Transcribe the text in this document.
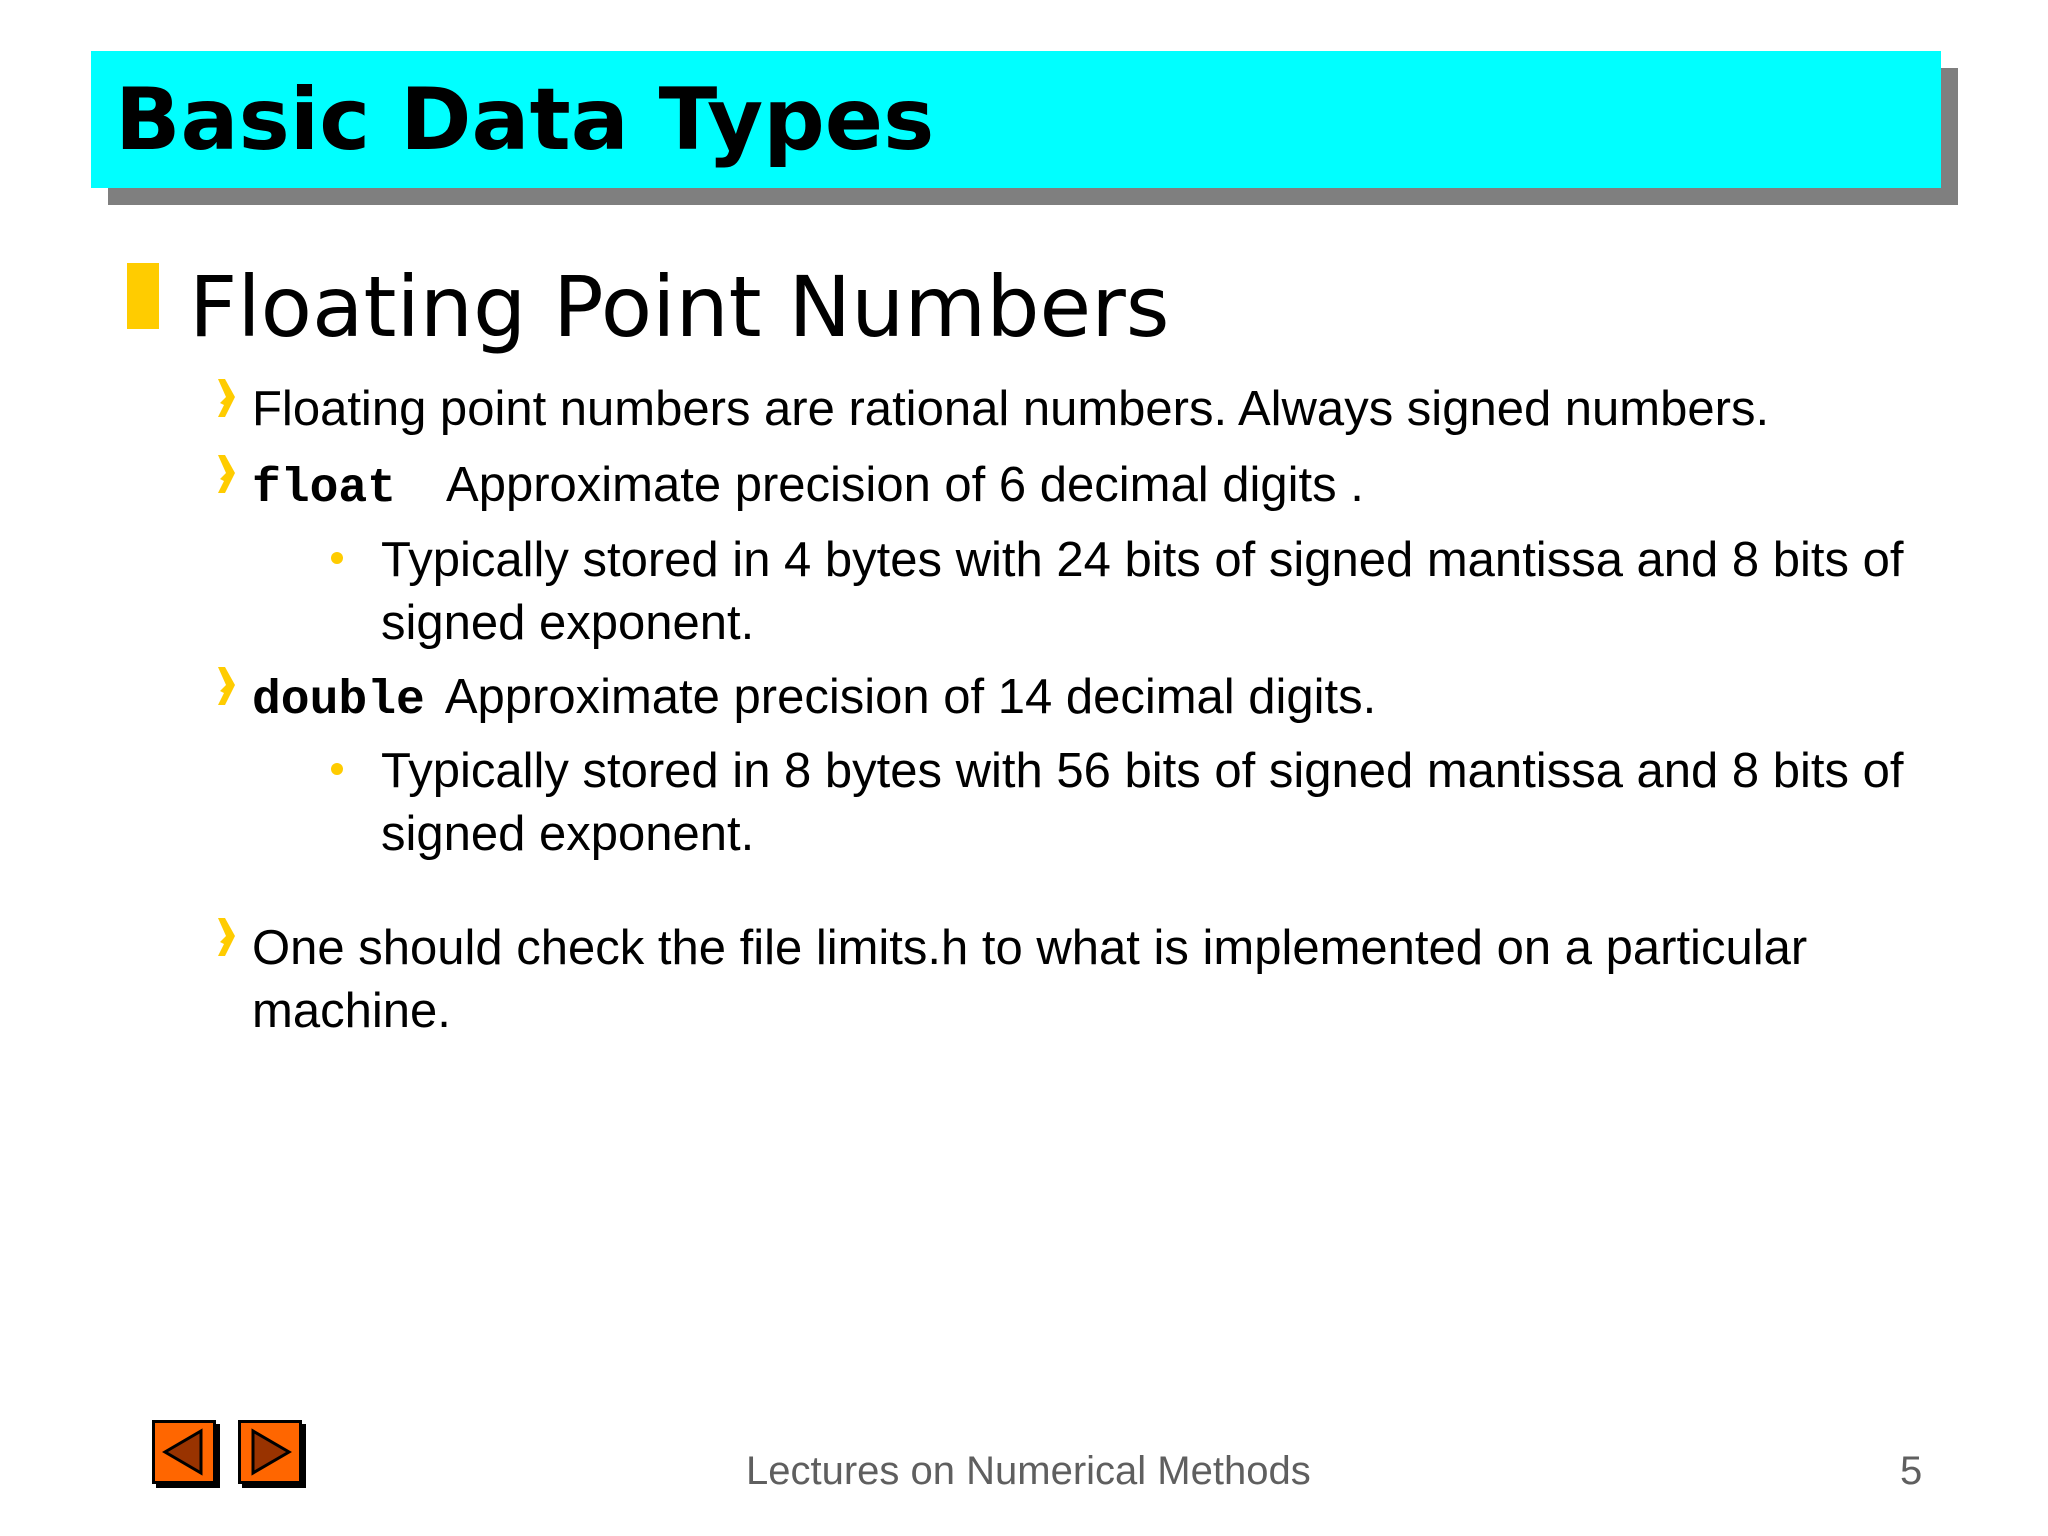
Basic Data Types
Floating Point Numbers
Floating point numbers are rational numbers. Always signed numbers.
float Approximate precision of 6 decimal digits .
Typically stored in 4 bytes with 24 bits of signed mantissa and 8 bits of signed exponent.
double Approximate precision of 14 decimal digits.
Typically stored in 8 bytes with 56 bits of signed mantissa and 8 bits of signed exponent.
One should check the file limits.h to what is implemented on a particular machine.
Lectures on Numerical Methods	5
